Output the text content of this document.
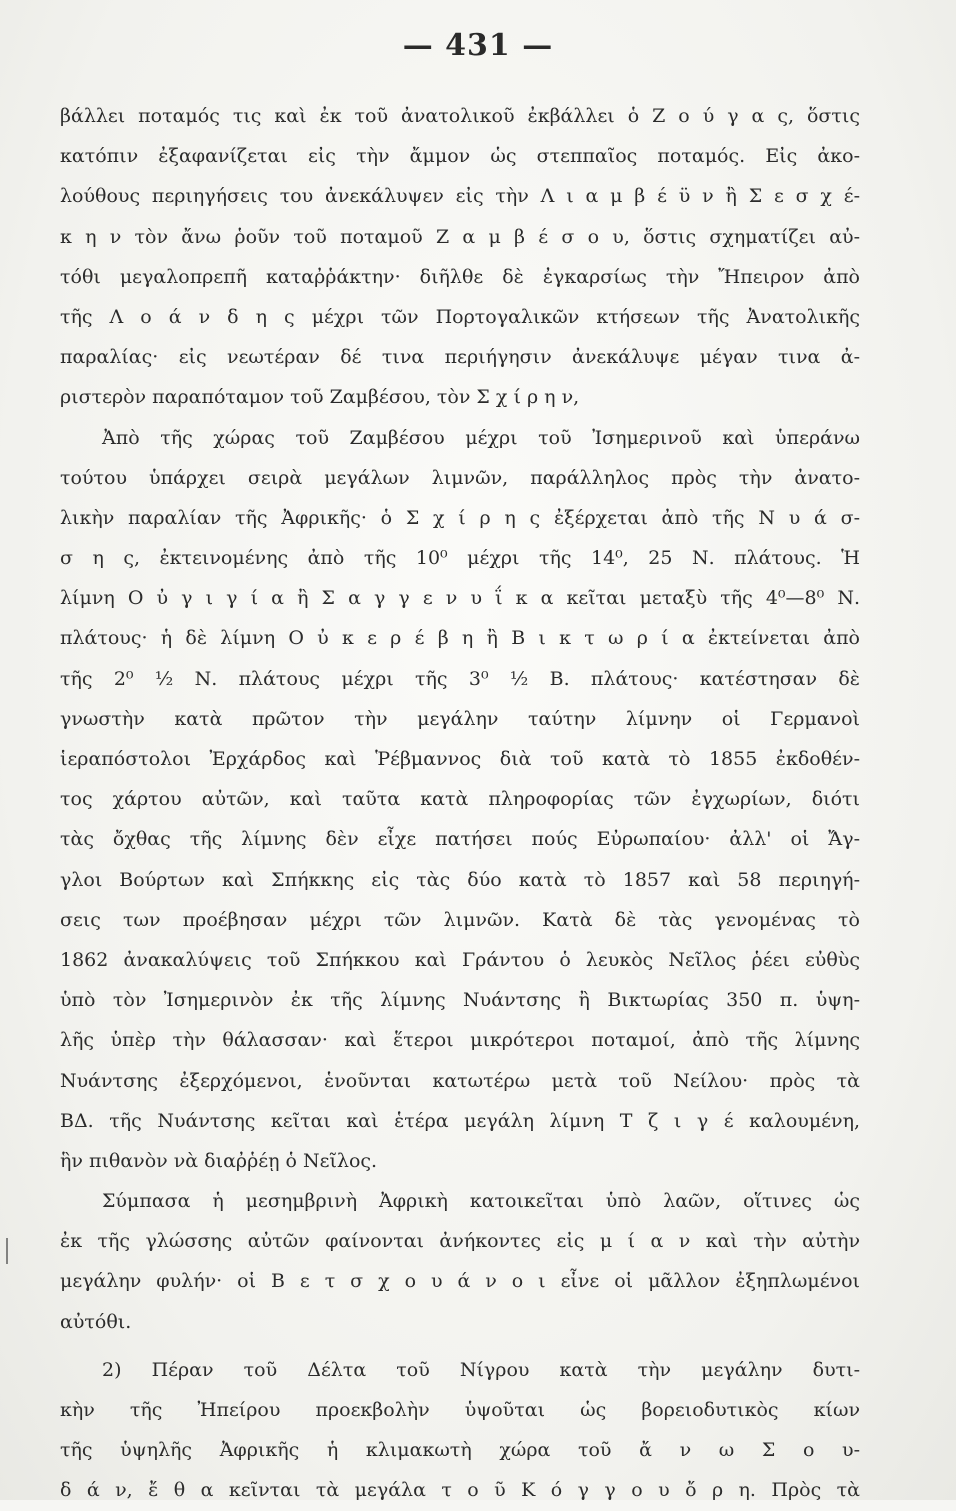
— 431 —
βάλλει ποταμός τις καὶ ἐκ τοῦ ἀνατολικοῦ ἐκβάλλει ὁ Ζ ο ύ γ α ς, ὅστις
κατόπιν ἐξαφανίζεται εἰς τὴν ἄμμον ὡς στεππαῖος ποταμός. Εἰς ἀκο-
λούθους περιηγήσεις του ἀνεκάλυψεν εἰς τὴν Λ ι α μ β έ ϋ ν ἢ Σ ε σ χ έ-
κ η ν τὸν ἄνω ῥοῦν τοῦ ποταμοῦ Ζ α μ β έ σ ο υ, ὅστις σχηματίζει αὐ-
τόθι μεγαλοπρεπῆ καταῤῥάκτην· διῆλθε δὲ ἐγκαρσίως τὴν Ἤπειρον ἀπὸ
τῆς Λ ο ά ν δ η ς μέχρι τῶν Πορτογαλικῶν κτήσεων τῆς Ἀνατολικῆς
παραλίας· εἰς νεωτέραν δέ τινα περιήγησιν ἀνεκάλυψε μέγαν τινα ἀ-
ριστερὸν παραπόταμον τοῦ Ζαμβέσου, τὸν Σ χ ί ρ η ν,
Ἀπὸ τῆς χώρας τοῦ Ζαμβέσου μέχρι τοῦ Ἰσημερινοῦ καὶ ὑπεράνω
τούτου ὑπάρχει σειρὰ μεγάλων λιμνῶν, παράλληλος πρὸς τὴν ἀνατο-
λικὴν παραλίαν τῆς Ἀφρικῆς· ὁ Σ χ ί ρ η ς ἐξέρχεται ἀπὸ τῆς Ν υ ά σ-
σ η ς, ἐκτεινομένης ἀπὸ τῆς 10⁰ μέχρι τῆς 14⁰, 25 Ν. πλάτους. Ἡ
λίμνη Ο ὐ γ ι γ ί α ἢ Σ α γ γ ε ν υ ΐ κ α κεῖται μεταξὺ τῆς 4⁰—8⁰ Ν.
πλάτους· ἡ δὲ λίμνη Ο ὐ κ ε ρ έ β η ἢ Β ι κ τ ω ρ ί α ἐκτείνεται ἀπὸ
τῆς 2⁰ ½ Ν. πλάτους μέχρι τῆς 3⁰ ½ Β. πλάτους· κατέστησαν δὲ
γνωστὴν κατὰ πρῶτον τὴν μεγάλην ταύτην λίμνην οἱ Γερμανοὶ
ἱεραπόστολοι Ἐρχάρδος καὶ Ῥέβμαννος διὰ τοῦ κατὰ τὸ 1855 ἐκδοθέν-
τος χάρτου αὐτῶν, καὶ ταῦτα κατὰ πληροφορίας τῶν ἐγχωρίων, διότι
τὰς ὄχθας τῆς λίμνης δὲν εἶχε πατήσει πούς Εὐρωπαίου· ἀλλ' οἱ Ἄγ-
γλοι Βούρτων καὶ Σπήκκης εἰς τὰς δύο κατὰ τὸ 1857 καὶ 58 περιηγή-
σεις των προέβησαν μέχρι τῶν λιμνῶν. Κατὰ δὲ τὰς γενομένας τὸ
1862 ἀνακαλύψεις τοῦ Σπήκκου καὶ Γράντου ὁ λευκὸς Νεῖλος ῥέει εὐθὺς
ὑπὸ τὸν Ἰσημερινὸν ἐκ τῆς λίμνης Νυάντσης ἢ Βικτωρίας 350 π. ὑψη-
λῆς ὑπὲρ τὴν θάλασσαν· καὶ ἕτεροι μικρότεροι ποταμοί, ἀπὸ τῆς λίμνης
Νυάντσης ἐξερχόμενοι, ἑνοῦνται κατωτέρω μετὰ τοῦ Νείλου· πρὸς τὰ
ΒΔ. τῆς Νυάντσης κεῖται καὶ ἑτέρα μεγάλη λίμνη Τ ζ ι γ έ καλουμένη,
ἣν πιθανὸν νὰ διαῤῥέῃ ὁ Νεῖλος.
Σύμπασα ἡ μεσημβρινὴ Ἀφρικὴ κατοικεῖται ὑπὸ λαῶν, οἵτινες ὡς
ἐκ τῆς γλώσσης αὐτῶν φαίνονται ἀνήκοντες εἰς μ ί α ν καὶ τὴν αὐτὴν
μεγάλην φυλήν· οἱ Β ε τ σ χ ο υ ά ν ο ι εἶνε οἱ μᾶλλον ἐξηπλωμένοι
αὐτόθι.
2) Πέραν τοῦ Δέλτα τοῦ Νίγρου κατὰ τὴν μεγάλην δυτι-
κὴν τῆς Ἠπείρου προεκβολὴν ὑψοῦται ὡς βορειοδυτικὸς κίων
τῆς ὑψηλῆς Ἀφρικῆς ἡ κλιμακωτὴ χώρα τοῦ ἄ ν ω Σ ο υ-
δ ά ν, ἔ θ α κεῖνται τὰ μεγάλα τ ο ῦ Κ ό γ γ ο υ ὄ ρ η. Πρὸς τὰ
